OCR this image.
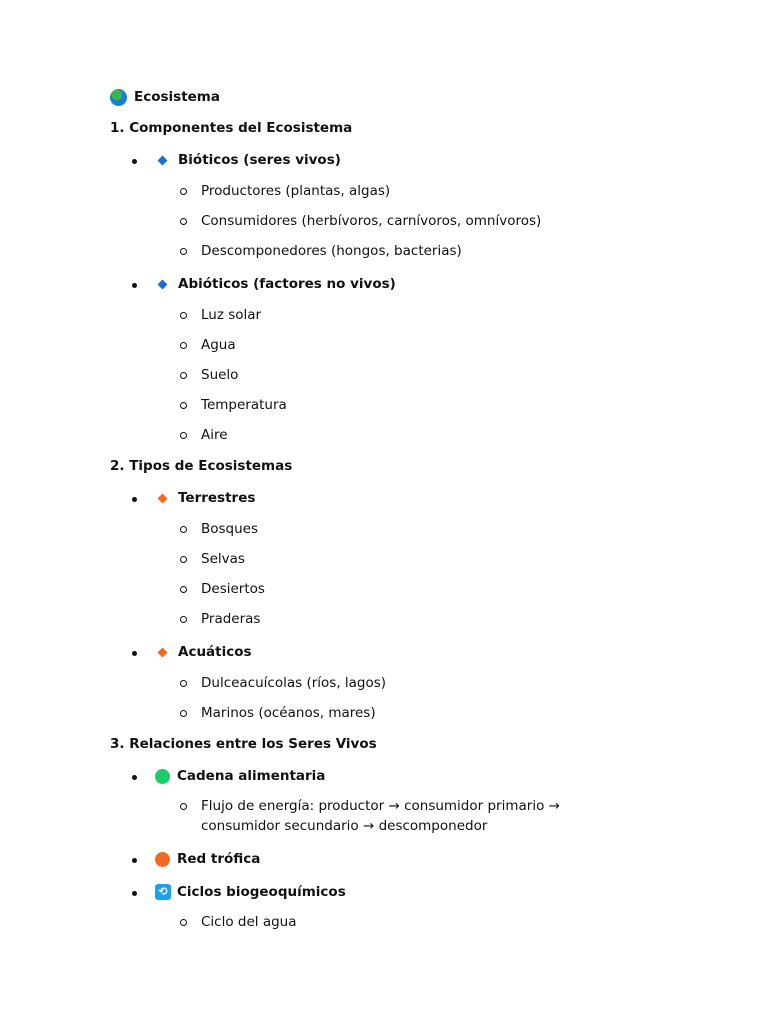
Ecosistema
1. Componentes del Ecosistema
Bióticos (seres vivos)
Productores (plantas, algas)
Consumidores (herbívoros, carnívoros, omnívoros)
Descomponedores (hongos, bacterias)
Abióticos (factores no vivos)
Luz solar
Agua
Suelo
Temperatura
Aire
2. Tipos de Ecosistemas
Terrestres
Bosques
Selvas
Desiertos
Praderas
Acuáticos
Dulceacuícolas (ríos, lagos)
Marinos (océanos, mares)
3. Relaciones entre los Seres Vivos
Cadena alimentaria
Flujo de energía: productor → consumidor primario → consumidor secundario → descomponedor
Red trófica
⟲ Ciclos biogeoquímicos
Ciclo del agua
